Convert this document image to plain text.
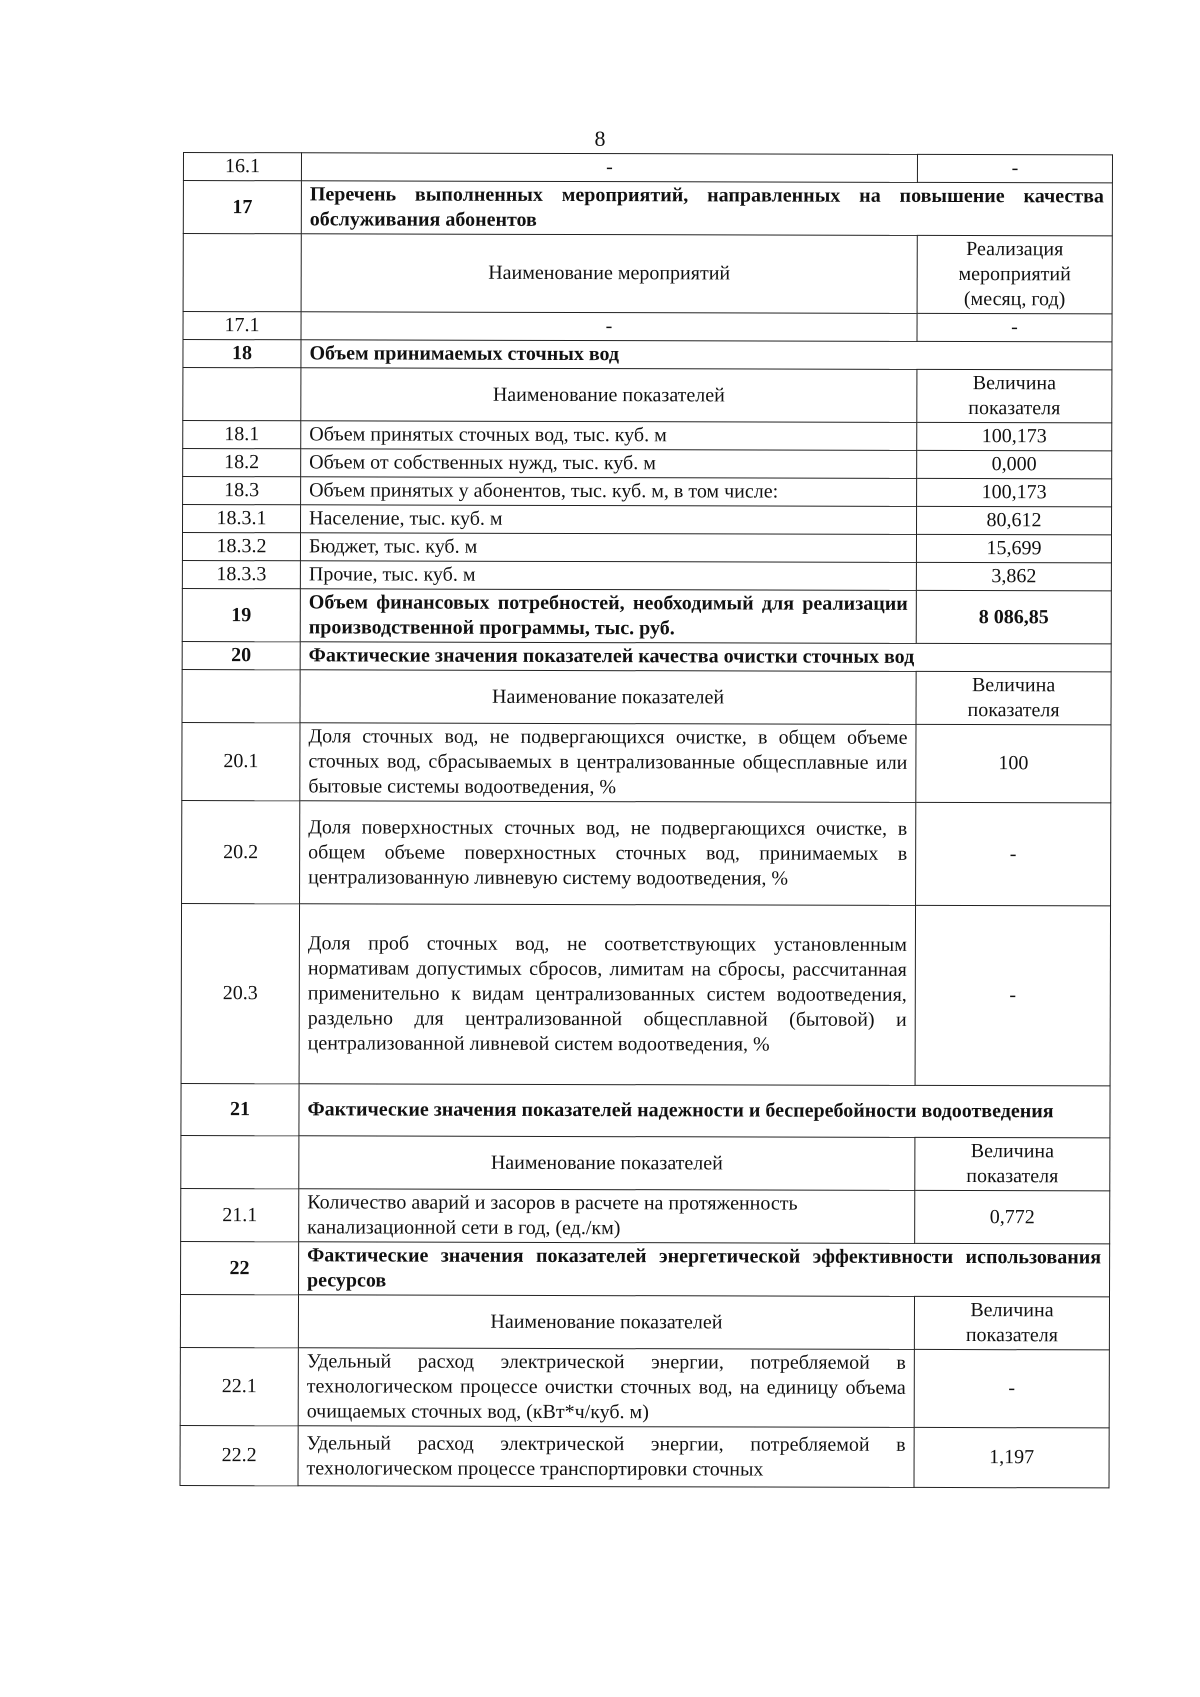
8
16.1	-	-
17	Перечень выполненных мероприятий, направленных на повышение качества обслуживания абонентов	
	Наименование мероприятий	Реализация мероприятий (месяц, год)
17.1	-	-
18	Объем принимаемых сточных вод	
	Наименование показателей	Величина показателя
18.1	Объем принятых сточных вод, тыс. куб. м	100,173
18.2	Объем от собственных нужд, тыс. куб. м	0,000
18.3	Объем принятых у абонентов, тыс. куб. м, в том числе:	100,173
18.3.1	Население, тыс. куб. м	80,612
18.3.2	Бюджет, тыс. куб. м	15,699
18.3.3	Прочие, тыс. куб. м	3,862
19	Объем финансовых потребностей, необходимый для реализации производственной программы, тыс. руб.	8 086,85
20	Фактические значения показателей качества очистки сточных вод	
	Наименование показателей	Величина показателя
20.1	Доля сточных вод, не подвергающихся очистке, в общем объеме сточных вод, сбрасываемых в централизованные общесплавные или бытовые системы водоотведения, %	100
20.2	Доля поверхностных сточных вод, не подвергающихся очистке, в общем объеме поверхностных сточных вод, принимаемых в централизованную ливневую систему водоотведения, %	-
20.3	Доля проб сточных вод, не соответствующих установленным нормативам допустимых сбросов, лимитам на сбросы, рассчитанная применительно к видам централизованных систем водоотведения, раздельно для централизованной общесплавной (бытовой) и централизованной ливневой систем водоотведения, %	-
21	Фактические значения показателей надежности и бесперебойности водоотведения	
	Наименование показателей	Величина показателя
21.1	Количество аварий и засоров в расчете на протяженность канализационной сети в год, (ед./км)	0,772
22	Фактические значения показателей энергетической эффективности использования ресурсов	
	Наименование показателей	Величина показателя
22.1	Удельный расход электрической энергии, потребляемой в технологическом процессе очистки сточных вод, на единицу объема очищаемых сточных вод, (кВт*ч/куб. м)	-
22.2	Удельный расход электрической энергии, потребляемой в технологическом процессе транспортировки сточных	1,197
